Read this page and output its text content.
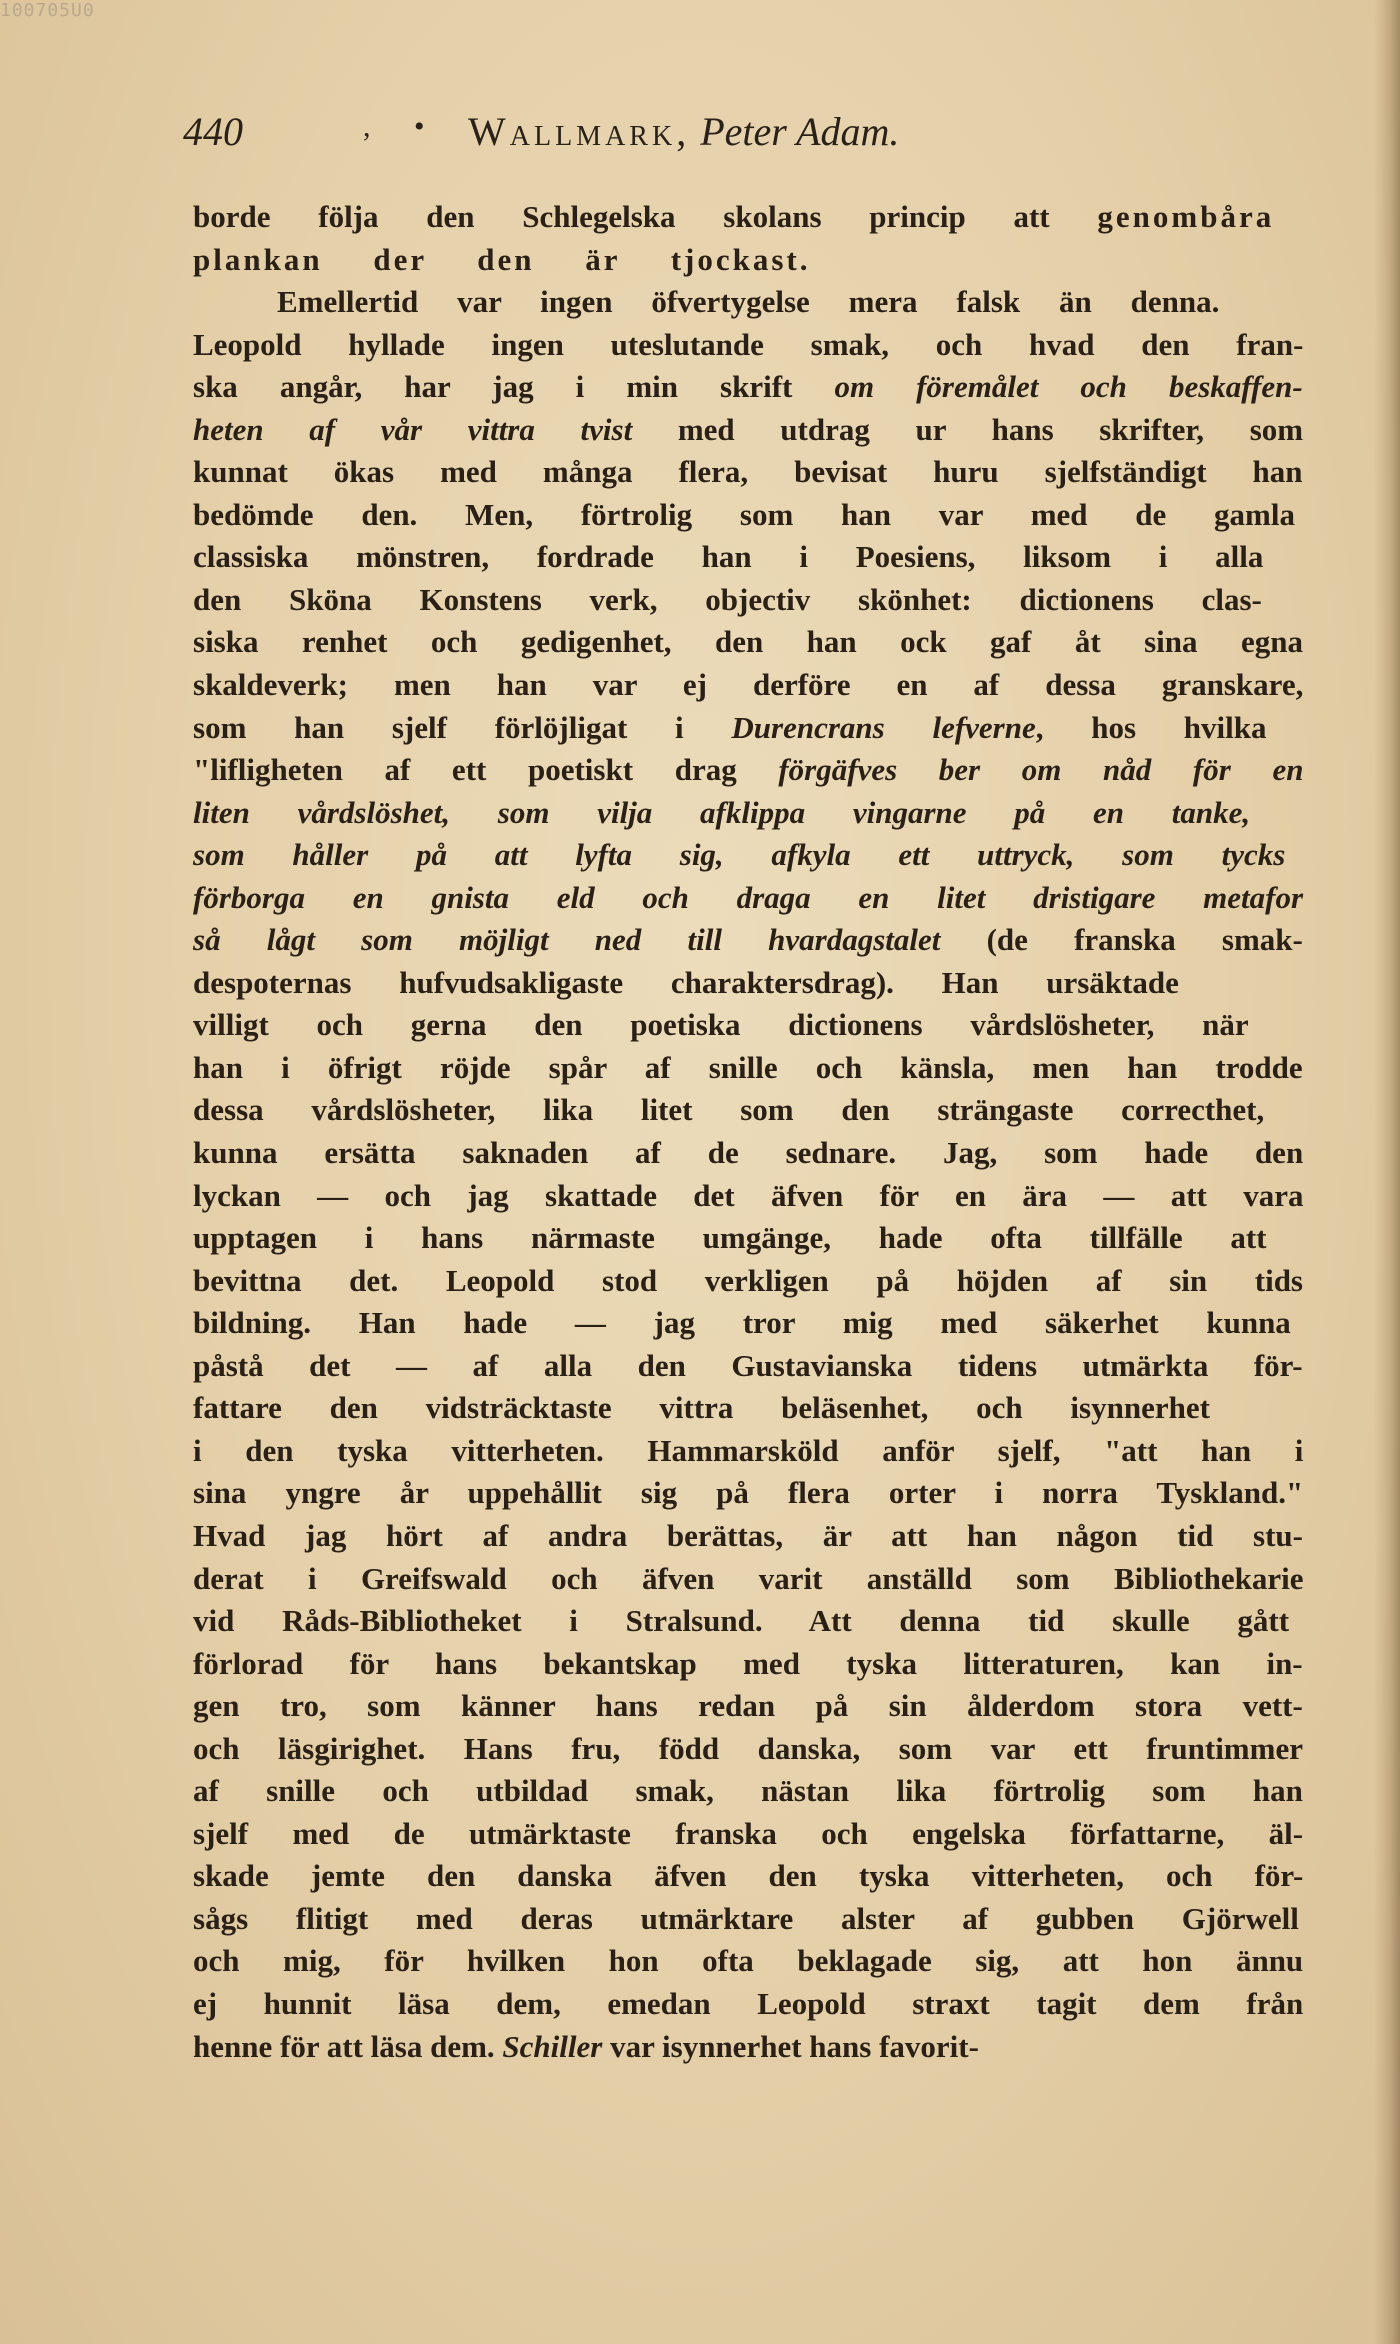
100705U0
440	, • Wallmark, Peter Adam.
borde följa den Schlegelska skolans princip att genombåra
plankan der den är tjockast.
Emellertid var ingen öfvertygelse mera falsk än denna.
Leopold hyllade ingen uteslutande smak, och hvad den fran-
ska angår, har jag i min skrift om föremålet och beskaffen-
heten af vår vittra tvist med utdrag ur hans skrifter, som
kunnat ökas med många flera, bevisat huru sjelfständigt han
bedömde den. Men, förtrolig som han var med de gamla
classiska mönstren, fordrade han i Poesiens, liksom i alla
den Sköna Konstens verk, objectiv skönhet: dictionens clas-
siska renhet och gedigenhet, den han ock gaf åt sina egna
skaldeverk; men han var ej derföre en af dessa granskare,
som han sjelf förlöjligat i Durencrans lefverne, hos hvilka
"lifligheten af ett poetiskt drag förgäfves ber om nåd för en
liten vårdslöshet, som vilja afklippa vingarne på en tanke,
som håller på att lyfta sig, afkyla ett uttryck, som tycks
förborga en gnista eld och draga en litet dristigare metafor
så lågt som möjligt ned till hvardagstalet (de franska smak-
despoternas hufvudsakligaste charaktersdrag). Han ursäktade
villigt och gerna den poetiska dictionens vårdslösheter, när
han i öfrigt röjde spår af snille och känsla, men han trodde
dessa vårdslösheter, lika litet som den strängaste correcthet,
kunna ersätta saknaden af de sednare. Jag, som hade den
lyckan — och jag skattade det äfven för en ära — att vara
upptagen i hans närmaste umgänge, hade ofta tillfälle att
bevittna det. Leopold stod verkligen på höjden af sin tids
bildning. Han hade — jag tror mig med säkerhet kunna
påstå det — af alla den Gustavianska tidens utmärkta för-
fattare den vidsträcktaste vittra beläsenhet, och isynnerhet
i den tyska vitterheten. Hammarsköld anför sjelf, "att han i
sina yngre år uppehållit sig på flera orter i norra Tyskland."
Hvad jag hört af andra berättas, är att han någon tid stu-
derat i Greifswald och äfven varit anställd som Bibliothekarie
vid Råds-Bibliotheket i Stralsund. Att denna tid skulle gått
förlorad för hans bekantskap med tyska litteraturen, kan in-
gen tro, som känner hans redan på sin ålderdom stora vett-
och läsgirighet. Hans fru, född danska, som var ett fruntimmer
af snille och utbildad smak, nästan lika förtrolig som han
sjelf med de utmärktaste franska och engelska författarne, äl-
skade jemte den danska äfven den tyska vitterheten, och för-
sågs flitigt med deras utmärktare alster af gubben Gjörwell
och mig, för hvilken hon ofta beklagade sig, att hon ännu
ej hunnit läsa dem, emedan Leopold straxt tagit dem från
henne för att läsa dem. Schiller var isynnerhet hans favorit-
